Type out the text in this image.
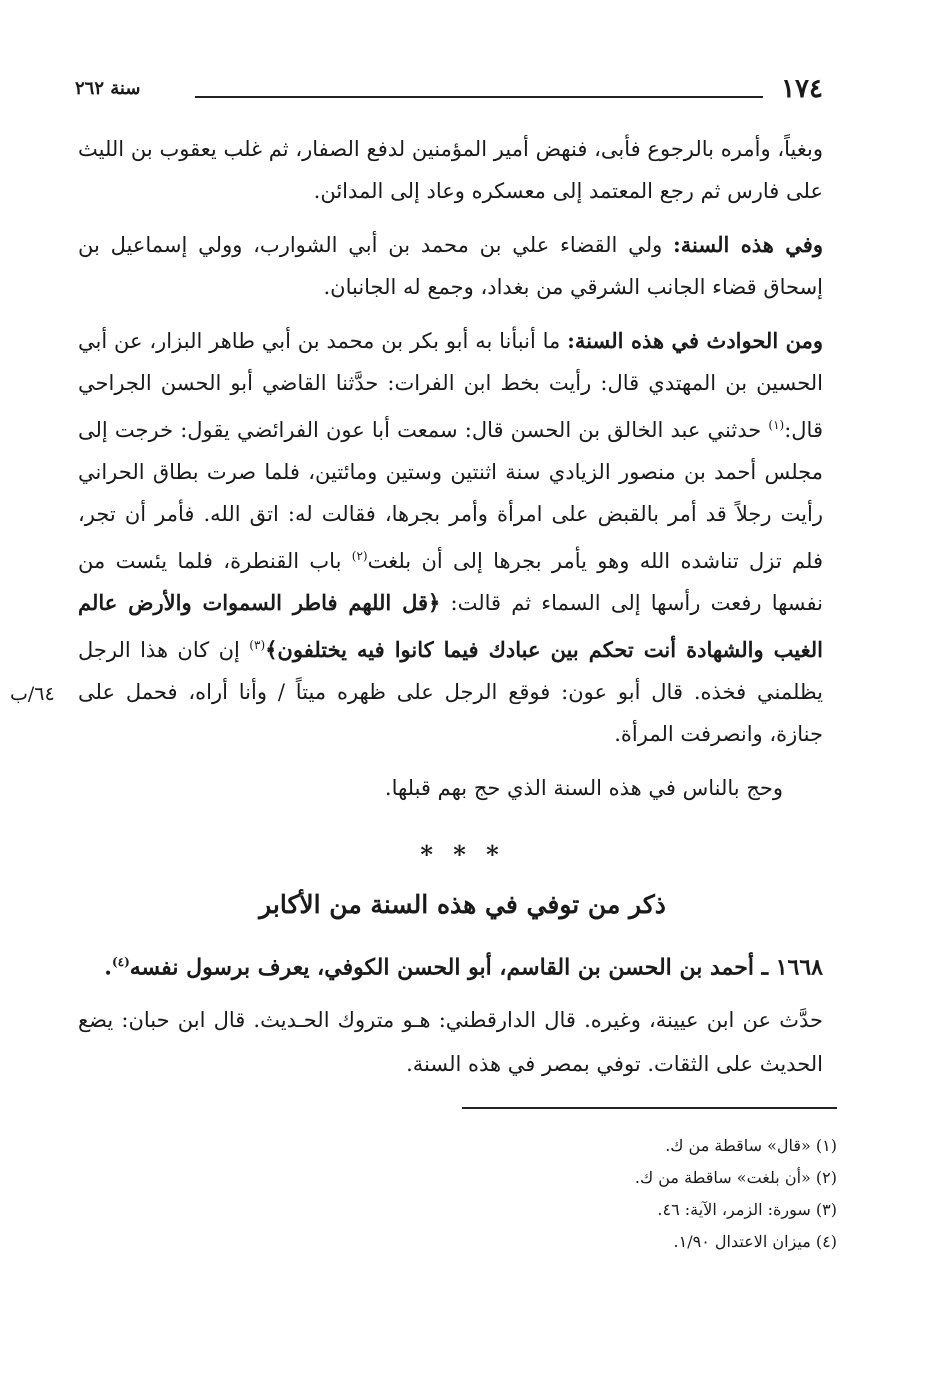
١٧٤
سنة ٢٦٢

وبغياً، وأمره بالرجوع فأبى، فنهض أمير المؤمنين لدفع الصفار، ثم غلب يعقوب بن الليث على فارس ثم رجع المعتمد إلى معسكره وعاد إلى المدائن.

وفي هذه السنة: ولي القضاء علي بن محمد بن أبي الشوارب، وولي إسماعيل بن إسحاق قضاء الجانب الشرقي من بغداد، وجمع له الجانبان.

ومن الحوادث في هذه السنة: ما أنبأنا به أبو بكر بن محمد بن أبي طاهر البزار، عن أبي الحسين بن المهتدي قال: رأيت بخط ابن الفرات: حدَّثنا القاضي أبو الحسن الجراحي قال:$^{(١)}$ حدثني عبد الخالق بن الحسن قال: سمعت أبا عون الفرائضي يقول: خرجت إلى مجلس أحمد بن منصور الزيادي سنة اثنتين وستين ومائتين، فلما صرت بطاق الحراني رأيت رجلاً قد أمر بالقبض على امرأة وأمر بجرها، فقالت له: اتق الله. فأمر أن تجر، فلم تزل تناشده الله وهو يأمر بجرها إلى أن بلغت$^{(٢)}$ باب القنطرة، فلما يئست من نفسها رفعت رأسها إلى السماء ثم قالت: ﴿قل اللهم فاطر السموات والأرض عالم الغيب والشهادة أنت تحكم بين عبادك فيما كانوا فيه يختلفون﴾$^{(٣)}$ إن كان هذا الرجل يظلمني فخذه. قال أبو عون: فوقع الرجل على ظهره ميتاً / وأنا أراه، فحمل على جنازة، وانصرفت المرأة.

وحج بالناس في هذه السنة الذي حج بهم قبلها.

٦٤/ب
* * *
ذكر من توفي في هذه السنة من الأكابر
١٦٦٨ ـ أحمد بن الحسن بن القاسم، أبو الحسن الكوفي، يعرف برسول نفسه$^{(٤)}$.
حدَّث عن ابن عيينة، وغيره. قال الدارقطني: هـو متروك الحـديث. قال ابن حبان: يضع الحديث على الثقات. توفي بمصر في هذه السنة.
(١) «قال» ساقطة من ك.
(٢) «أن بلغت» ساقطة من ك.
(٣) سورة: الزمر، الآية: ٤٦.
(٤) ميزان الاعتدال ١/٩٠.
